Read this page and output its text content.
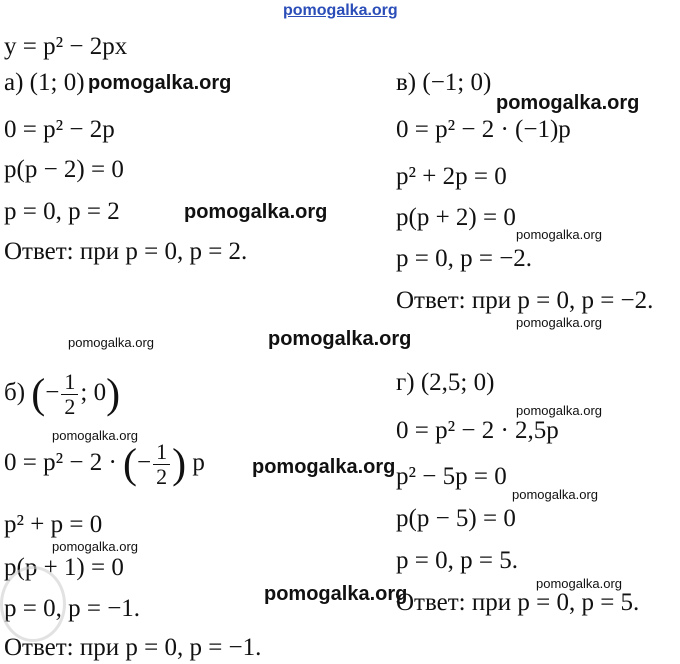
pomogalka.org
y = p² − 2px
а) (1; 0)
0 = p² − 2p
p(p − 2) = 0
p = 0, p = 2
Ответ: при p = 0, p = 2.
в) (−1; 0)
0 = p² − 2 · (−1)p
p² + 2p = 0
p(p + 2) = 0
p = 0, p = −2.
Ответ: при p = 0, p = −2.
б) (− $\frac{1}{2}$ ; 0)
0 = p² − 2 · (− $\frac{1}{2}$ ) p
p² + p = 0
p(p + 1) = 0
p = 0, p = −1.
Ответ: при p = 0, p = −1.
г) (2,5; 0)
0 = p² − 2 · 2,5p
p² − 5p = 0
p(p − 5) = 0
p = 0, p = 5.
Ответ: при p = 0, p = 5.
pomogalka.org
pomogalka.org
pomogalka.org
pomogalka.org
pomogalka.org
pomogalka.org
pomogalka.org
pomogalka.org
pomogalka.org
pomogalka.org
pomogalka.org
pomogalka.org
pomogalka.org
pomogalka.org
